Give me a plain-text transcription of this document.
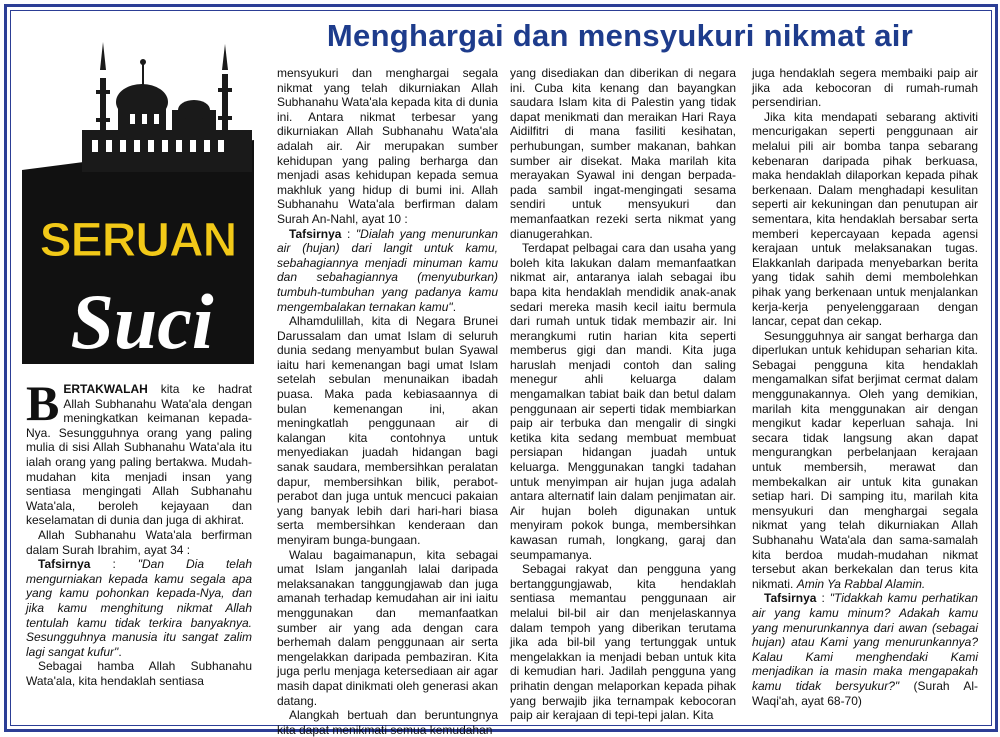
Menghargai dan mensyukuri nikmat air
SERUAN
Suci

BERTAKWALAH kita ke hadrat Allah Subhanahu Wata'ala dengan meningkatkan keimanan kepada-Nya. Sesungguhnya orang yang paling mulia di sisi Allah Subhanahu Wata'ala itu ialah orang yang paling bertakwa. Mudah-mudahan kita menjadi insan yang sentiasa mengingati Allah Subhanahu Wata'ala, beroleh kejayaan dan keselamatan di dunia dan juga di akhirat.

Allah Subhanahu Wata'ala berfirman dalam Surah Ibrahim, ayat 34 :

Tafsirnya : "Dan Dia telah mengurniakan kepada kamu segala apa yang kamu pohonkan kepada-Nya, dan jika kamu menghitung nikmat Allah tentulah kamu tidak terkira banyaknya. Sesungguhnya manusia itu sangat zalim lagi sangat kufur".

Sebagai hamba Allah Subhanahu Wata'ala, kita hendaklah sentiasa

mensyukuri dan menghargai segala nikmat yang telah dikurniakan Allah Subhanahu Wata'ala kepada kita di dunia ini. Antara nikmat terbesar yang dikurniakan Allah Subhanahu Wata'ala adalah air. Air merupakan sumber kehidupan yang paling berharga dan menjadi asas kehidupan kepada semua makhluk yang hidup di bumi ini. Allah Subhanahu Wata'ala berfirman dalam Surah An-Nahl, ayat 10 :

Tafsirnya : "Dialah yang menurunkan air (hujan) dari langit untuk kamu, sebahagiannya menjadi minuman kamu dan sebahagiannya (menyuburkan) tumbuh-tumbuhan yang padanya kamu mengembalakan ternakan kamu".

Alhamdulillah, kita di Negara Brunei Darussalam dan umat Islam di seluruh dunia sedang menyambut bulan Syawal iaitu hari kemenangan bagi umat Islam setelah sebulan menunaikan ibadah puasa. Maka pada kebiasaannya di bulan kemenangan ini, akan meningkatlah penggunaan air di kalangan kita contohnya untuk menyediakan juadah hidangan bagi sanak saudara, membersihkan peralatan dapur, membersihkan bilik, perabot-perabot dan juga untuk mencuci pakaian yang banyak lebih dari hari-hari biasa serta membersihkan kenderaan dan menyiram bunga-bungaan.

Walau bagaimanapun, kita sebagai umat Islam janganlah lalai daripada melaksanakan tanggungjawab dan juga amanah terhadap kemudahan air ini iaitu menggunakan dan memanfaatkan sumber air yang ada dengan cara berhemah dalam penggunaan air serta mengelakkan daripada pembaziran. Kita juga perlu menjaga ketersediaan air agar masih dapat dinikmati oleh generasi akan datang.

Alangkah bertuah dan beruntungnya kita dapat menikmati semua kemudahan

yang disediakan dan diberikan di negara ini. Cuba kita kenang dan bayangkan saudara Islam kita di Palestin yang tidak dapat menikmati dan meraikan Hari Raya Aidilfitri di mana fasiliti kesihatan, perhubungan, sumber makanan, bahkan sumber air disekat. Maka marilah kita merayakan Syawal ini dengan berpada-pada sambil ingat-mengingati sesama sendiri untuk mensyukuri dan memanfaatkan rezeki serta nikmat yang dianugerahkan.

Terdapat pelbagai cara dan usaha yang boleh kita lakukan dalam memanfaatkan nikmat air, antaranya ialah sebagai ibu bapa kita hendaklah mendidik anak-anak sedari mereka masih kecil iaitu bermula dari rumah untuk tidak membazir air. Ini merangkumi rutin harian kita seperti memberus gigi dan mandi. Kita juga haruslah menjadi contoh dan saling menegur ahli keluarga dalam mengamalkan tabiat baik dan betul dalam penggunaan air seperti tidak membiarkan paip air terbuka dan mengalir di singki ketika kita sedang membuat membuat persiapan hidangan juadah untuk keluarga. Menggunakan tangki tadahan untuk menyimpan air hujan juga adalah antara alternatif lain dalam penjimatan air. Air hujan boleh digunakan untuk menyiram pokok bunga, membersihkan kawasan rumah, longkang, garaj dan seumpamanya.

Sebagai rakyat dan pengguna yang bertanggungjawab, kita hendaklah sentiasa memantau penggunaan air melalui bil-bil air dan menjelaskannya dalam tempoh yang diberikan terutama jika ada bil-bil yang tertunggak untuk mengelakkan ia menjadi beban untuk kita di kemudian hari. Jadilah pengguna yang prihatin dengan melaporkan kepada pihak yang berwajib jika ternampak kebocoran paip air kerajaan di tepi-tepi jalan. Kita

juga hendaklah segera membaiki paip air jika ada kebocoran di rumah-rumah persendirian.

Jika kita mendapati sebarang aktiviti mencurigakan seperti penggunaan air melalui pili air bomba tanpa sebarang kebenaran daripada pihak berkuasa, maka hendaklah dilaporkan kepada pihak berkenaan. Dalam menghadapi kesulitan seperti air kekuningan dan penutupan air sementara, kita hendaklah bersabar serta memberi kepercayaan kepada agensi kerajaan untuk melaksanakan tugas. Elakkanlah daripada menyebarkan berita yang tidak sahih demi membolehkan pihak yang berkenaan untuk menjalankan kerja-kerja penyelenggaraan dengan lancar, cepat dan cekap.

Sesungguhnya air sangat berharga dan diperlukan untuk kehidupan seharian kita. Sebagai pengguna kita hendaklah mengamalkan sifat berjimat cermat dalam menggunakannya. Oleh yang demikian, marilah kita menggunakan air dengan mengikut kadar keperluan sahaja. Ini secara tidak langsung akan dapat mengurangkan perbelanjaan kerajaan untuk membersih, merawat dan membekalkan air untuk kita gunakan setiap hari. Di samping itu, marilah kita mensyukuri dan menghargai segala nikmat yang telah dikurniakan Allah Subhanahu Wata'ala dan sama-samalah kita berdoa mudah-mudahan nikmat tersebut akan berkekalan dan terus kita nikmati. Amin Ya Rabbal Alamin.

Tafsirnya : "Tidakkah kamu perhatikan air yang kamu minum? Adakah kamu yang menurunkannya dari awan (sebagai hujan) atau Kami yang menurunkannya? Kalau Kami menghendaki Kami menjadikan ia masin maka mengapakah kamu tidak bersyukur?" (Surah Al-Waqi'ah, ayat 68-70)
